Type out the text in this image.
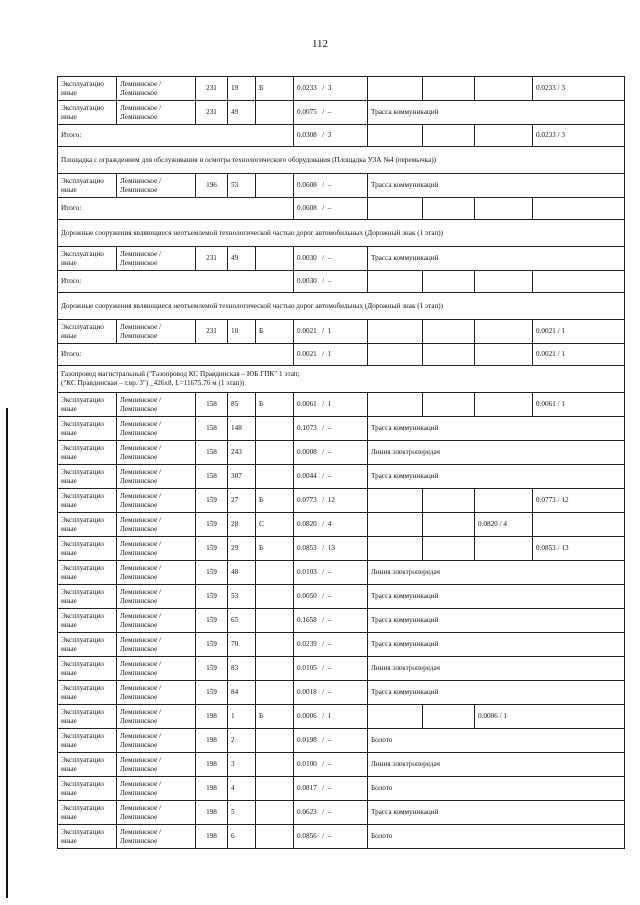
112
Эксплуатацио
иные	Лемпинское /
Лемпинское	231	19	Б	0.0233   /  3				0.0233 / 3
Эксплуатацио
иные	Лемпинское /
Лемпинское	231	49		0.0075   /  –	Трасса коммуникаций			
Итого:					0.0308   /  3				0.0233 / 3
Площадка с ограждением для обслуживания и осмотра технологического оборудования (Площадка УЗА №4 (перемычка))									
Эксплуатацио
иные	Лемпинское /
Лемпинское	196	53		0.0608   /  –	Трасса коммуникаций			
Итого:					0.0608   /  –				
Дорожные сооружения являющиеся неотъемлемой технологической частью дорог автомобильных (Дорожный знак (1 этап))									
Эксплуатацио
иные	Лемпинское /
Лемпинское	231	49		0.0030   /  –	Трасса коммуникаций			
Итого:					0.0030   /  –				
Дорожные сооружения являющиеся неотъемлемой технологической частью дорог автомобильных (Дорожный знак (1 этап))									
Эксплуатацио
иные	Лемпинское /
Лемпинское	231	10	Б	0.0021   /  1				0.0021 / 1
Итого:					0.0021   /  1				0.0021 / 1
Газопровод магистральный ("Газопровод КС Правдинская – ЮБ ГПК" 1 этап;
("КС Правдинская – т.вр. 3") _426х8, L=11675.76 м (1 этап))									
Эксплуатацио
иные	Лемпинское /
Лемпинское	158	85	Б	0.0061   /  1				0.0061 / 1
Эксплуатацио
иные	Лемпинское /
Лемпинское	158	148		0.1073   /  –	Трасса коммуникаций			
Эксплуатацио
иные	Лемпинское /
Лемпинское	158	243		0.0008   /  –	Линия электропередач			
Эксплуатацио
иные	Лемпинское /
Лемпинское	158	307		0.0044   /  –	Трасса коммуникаций			
Эксплуатацио
иные	Лемпинское /
Лемпинское	159	27	Б	0.0773   /  12				0.0773 / 12
Эксплуатацио
иные	Лемпинское /
Лемпинское	159	28	С	0.0820   /  4			0.0820 / 4	
Эксплуатацио
иные	Лемпинское /
Лемпинское	159	29	Б	0.0853   /  13				0.0853 / 13
Эксплуатацио
иные	Лемпинское /
Лемпинское	159	48		0.0103   /  –	Линия электропередач			
Эксплуатацио
иные	Лемпинское /
Лемпинское	159	53		0.0050   /  –	Трасса коммуникаций			
Эксплуатацио
иные	Лемпинское /
Лемпинское	159	65		0.1658   /  –	Трасса коммуникаций			
Эксплуатацио
иные	Лемпинское /
Лемпинское	159	70		0.0239   /  –	Трасса коммуникаций			
Эксплуатацио
иные	Лемпинское /
Лемпинское	159	83		0.0105   /  –	Линия электропередач			
Эксплуатацио
иные	Лемпинское /
Лемпинское	159	84		0.0018   /  –	Трасса коммуникаций			
Эксплуатацио
иные	Лемпинское /
Лемпинское	198	1	Б	0.0006   /  1			0.0006 / 1	
Эксплуатацио
иные	Лемпинское /
Лемпинское	198	2		0.0198   /  –	Болото			
Эксплуатацио
иные	Лемпинское /
Лемпинское	198	3		0.0100   /  –	Линия электропередач			
Эксплуатацио
иные	Лемпинское /
Лемпинское	198	4		0.0817   /  –	Болото			
Эксплуатацио
иные	Лемпинское /
Лемпинское	198	5		0.0623   /  –	Трасса коммуникаций			
Эксплуатацио
иные	Лемпинское /
Лемпинское	198	6		0.0856   /  –	Болото			
